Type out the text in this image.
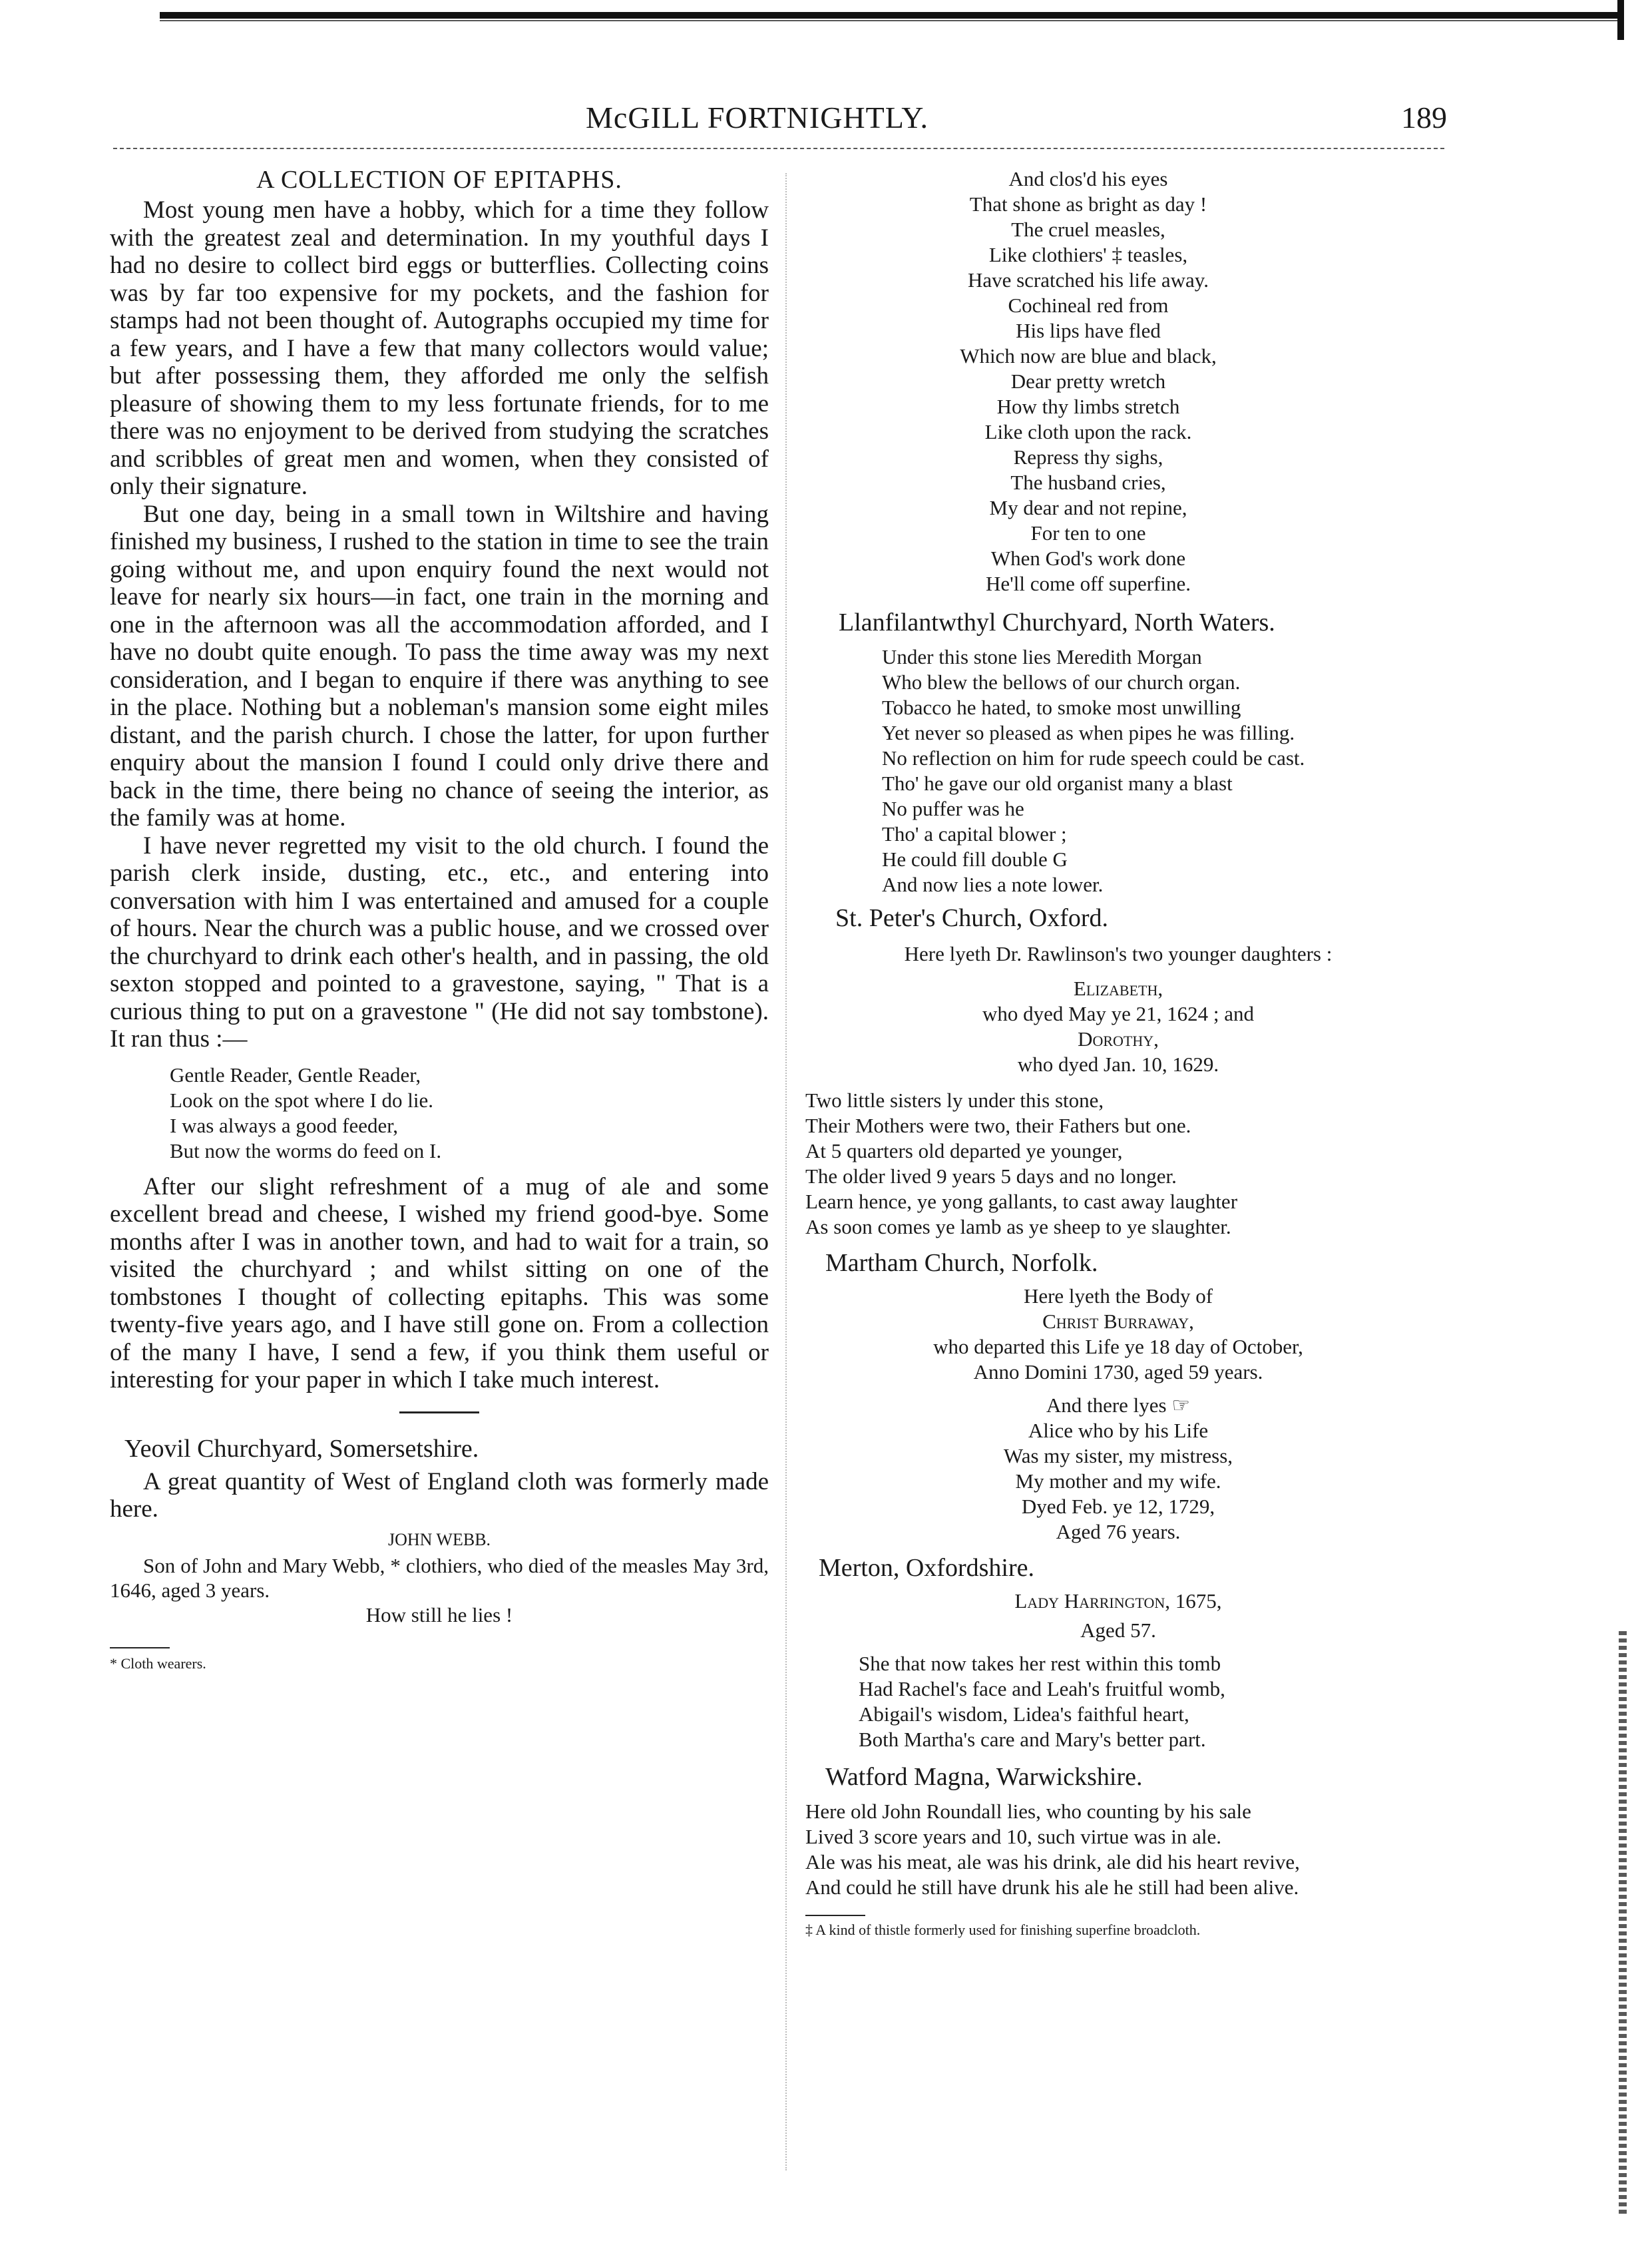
McGILL FORTNIGHTLY.	189

A COLLECTION OF EPITAPHS.

Most young men have a hobby, which for a time they follow with the greatest zeal and determination. In my youthful days I had no desire to collect bird eggs or butterflies. Collecting coins was by far too expensive for my pockets, and the fashion for stamps had not been thought of. Autographs occupied my time for a few years, and I have a few that many collectors would value; but after possessing them, they afforded me only the selfish pleasure of showing them to my less fortunate friends, for to me there was no enjoyment to be derived from studying the scratches and scribbles of great men and women, when they consisted of only their signature.

But one day, being in a small town in Wiltshire and having finished my business, I rushed to the station in time to see the train going without me, and upon enquiry found the next would not leave for nearly six hours—in fact, one train in the morning and one in the afternoon was all the accommodation afforded, and I have no doubt quite enough. To pass the time away was my next consideration, and I began to enquire if there was anything to see in the place. Nothing but a nobleman's mansion some eight miles distant, and the parish church. I chose the latter, for upon further enquiry about the mansion I found I could only drive there and back in the time, there being no chance of seeing the interior, as the family was at home.

I have never regretted my visit to the old church. I found the parish clerk inside, dusting, etc., etc., and entering into conversation with him I was entertained and amused for a couple of hours. Near the church was a public house, and we crossed over the churchyard to drink each other's health, and in passing, the old sexton stopped and pointed to a gravestone, saying, " That is a curious thing to put on a gravestone " (He did not say tombstone). It ran thus :—

Gentle Reader, Gentle Reader,
Look on the spot where I do lie.
I was always a good feeder,
But now the worms do feed on I.

After our slight refreshment of a mug of ale and some excellent bread and cheese, I wished my friend good-bye. Some months after I was in another town, and had to wait for a train, so visited the churchyard ; and whilst sitting on one of the tombstones I thought of collecting epitaphs. This was some twenty-five years ago, and I have still gone on. From a collection of the many I have, I send a few, if you think them useful or interesting for your paper in which I take much interest.

Yeovil Churchyard, Somersetshire.

A great quantity of West of England cloth was formerly made here.

JOHN WEBB.

Son of John and Mary Webb, * clothiers, who died of the measles May 3rd, 1646, aged 3 years.

How still he lies !

* Cloth wearers.

And clos'd his eyes
That shone as bright as day !
The cruel measles,
Like clothiers' ‡ teasles,
Have scratched his life away.
Cochineal red from
His lips have fled
Which now are blue and black,
Dear pretty wretch
How thy limbs stretch
Like cloth upon the rack.
Repress thy sighs,
The husband cries,
My dear and not repine,
For ten to one
When God's work done
He'll come off superfine.

Llanfilantwthyl Churchyard, North Waters.

Under this stone lies Meredith Morgan
Who blew the bellows of our church organ.
Tobacco he hated, to smoke most unwilling
Yet never so pleased as when pipes he was filling.
No reflection on him for rude speech could be cast.
Tho' he gave our old organist many a blast
No puffer was he
Tho' a capital blower ;
He could fill double G
And now lies a note lower.

St. Peter's Church, Oxford.

Here lyeth Dr. Rawlinson's two younger daughters :
Elizabeth,
who dyed May ye 21, 1624 ; and
Dorothy,
who dyed Jan. 10, 1629.
Two little sisters ly under this stone,
Their Mothers were two, their Fathers but one.
At 5 quarters old departed ye younger,
The older lived 9 years 5 days and no longer.
Learn hence, ye yong gallants, to cast away laughter
As soon comes ye lamb as ye sheep to ye slaughter.

Martham Church, Norfolk.

Here lyeth the Body of
Christ Burraway,
who departed this Life ye 18 day of October,
Anno Domini 1730, aged 59 years.
And there lyes ☞
Alice who by his Life
Was my sister, my mistress,
My mother and my wife.
Dyed Feb. ye 12, 1729,
Aged 76 years.

Merton, Oxfordshire.

Lady Harrington, 1675,
Aged 57.
She that now takes her rest within this tomb
Had Rachel's face and Leah's fruitful womb,
Abigail's wisdom, Lidea's faithful heart,
Both Martha's care and Mary's better part.

Watford Magna, Warwickshire.

Here old John Roundall lies, who counting by his sale
Lived 3 score years and 10, such virtue was in ale.
Ale was his meat, ale was his drink, ale did his heart revive,
And could he still have drunk his ale he still had been alive.

‡ A kind of thistle formerly used for finishing superfine broadcloth.
